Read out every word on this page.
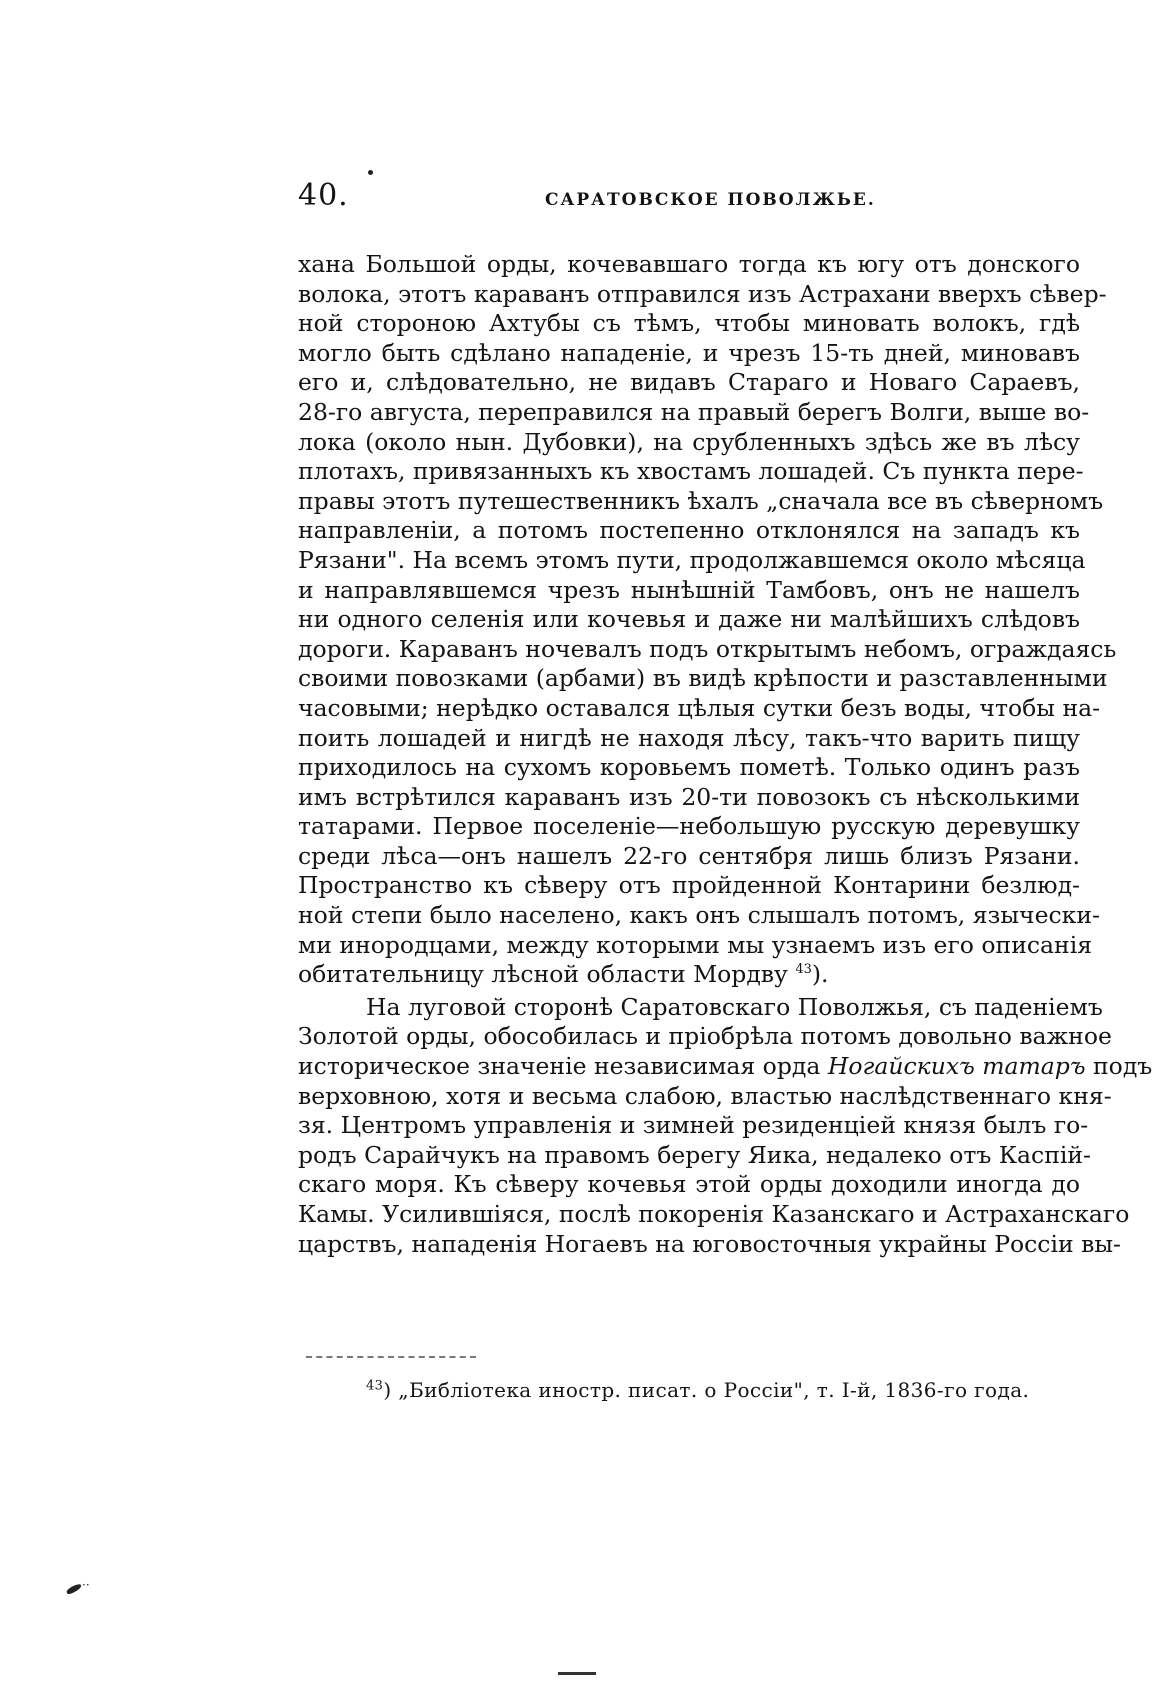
40.	САРАТОВСКОЕ ПОВОЛЖЬЕ.

хана Большой орды, кочевавшаго тогда къ югу отъ донского
волока, этотъ караванъ отправился изъ Астрахани вверхъ сѣвер-
ной стороною Ахтубы съ тѣмъ, чтобы миновать волокъ, гдѣ
могло быть сдѣлано нападеніе, и чрезъ 15-ть дней, миновавъ
его и, слѣдовательно, не видавъ Стараго и Новаго Сараевъ,
28-го августа, переправился на правый берегъ Волги, выше во-
лока (около нын. Дубовки), на срубленныхъ здѣсь же въ лѣсу
плотахъ, привязанныхъ къ хвостамъ лошадей. Съ пункта пере-
правы этотъ путешественникъ ѣхалъ „сначала все въ сѣверномъ
направленіи, а потомъ постепенно отклонялся на западъ къ
Рязани". На всемъ этомъ пути, продолжавшемся около мѣсяца
и направлявшемся чрезъ нынѣшній Тамбовъ, онъ не нашелъ
ни одного селенія или кочевья и даже ни малѣйшихъ слѣдовъ
дороги. Караванъ ночевалъ подъ открытымъ небомъ, ограждаясь
своими повозками (арбами) въ видѣ крѣпости и разставленными
часовыми; нерѣдко оставался цѣлыя сутки безъ воды, чтобы на-
поить лошадей и нигдѣ не находя лѣсу, такъ-что варить пищу
приходилось на сухомъ коровьемъ пометѣ. Только одинъ разъ
имъ встрѣтился караванъ изъ 20-ти повозокъ съ нѣсколькими
татарами. Первое поселеніе—небольшую русскую деревушку
среди лѣса—онъ нашелъ 22-го сентября лишь близъ Рязани.
Пространство къ сѣверу отъ пройденной Контарини безлюд-
ной степи было населено, какъ онъ слышалъ потомъ, язычески-
ми инородцами, между которыми мы узнаемъ изъ его описанія
обитательницу лѣсной области Мордву $^{43}$).

На луговой сторонѣ Саратовскаго Поволжья, съ паденіемъ
Золотой орды, обособилась и пріобрѣла потомъ довольно важное
историческое значеніе независимая орда Ногайскихъ татаръ подъ
верховною, хотя и весьма слабою, властью наслѣдственнаго кня-
зя. Центромъ управленія и зимней резиденціей князя былъ го-
родъ Сарайчукъ на правомъ берегу Яика, недалеко отъ Каспій-
скаго моря. Къ сѣверу кочевья этой орды доходили иногда до
Камы. Усилившіяся, послѣ покоренія Казанскаго и Астраханскаго
царствъ, нападенія Ногаевъ на юговосточныя украйны Россіи вы-

$^{43}$) „Библіотека иностр. писат. о Россіи", т. I-й, 1836-го года.
··
